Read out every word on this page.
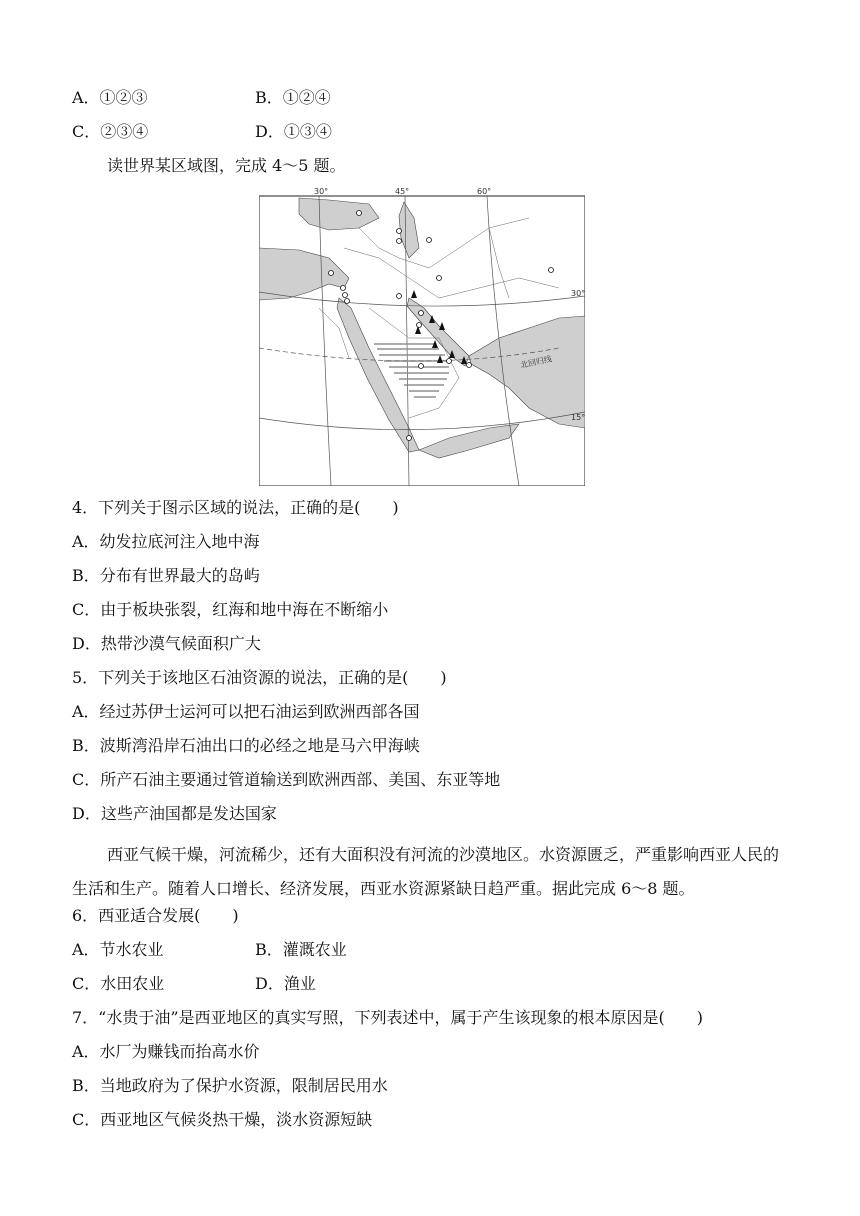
A．①②③	B．①②④
C．②③④	D．①③④
读世界某区域图，完成 4～5 题。
30°	45°	60°
30°
15°
北回归线
4．下列关于图示区域的说法，正确的是(　　)
A．幼发拉底河注入地中海
B．分布有世界最大的岛屿
C．由于板块张裂，红海和地中海在不断缩小
D．热带沙漠气候面积广大
5．下列关于该地区石油资源的说法，正确的是(　　)
A．经过苏伊士运河可以把石油运到欧洲西部各国
B．波斯湾沿岸石油出口的必经之地是马六甲海峡
C．所产石油主要通过管道输送到欧洲西部、美国、东亚等地
D．这些产油国都是发达国家
西亚气候干燥，河流稀少，还有大面积没有河流的沙漠地区。水资源匮乏，严重影响西亚人民的生活和生产。随着人口增长、经济发展，西亚水资源紧缺日趋严重。据此完成 6～8 题。
6．西亚适合发展(　　)
A．节水农业	B．灌溉农业
C．水田农业	D．渔业
7．“水贵于油”是西亚地区的真实写照，下列表述中，属于产生该现象的根本原因是(　　)
A．水厂为赚钱而抬高水价
B．当地政府为了保护水资源，限制居民用水
C．西亚地区气候炎热干燥，淡水资源短缺
